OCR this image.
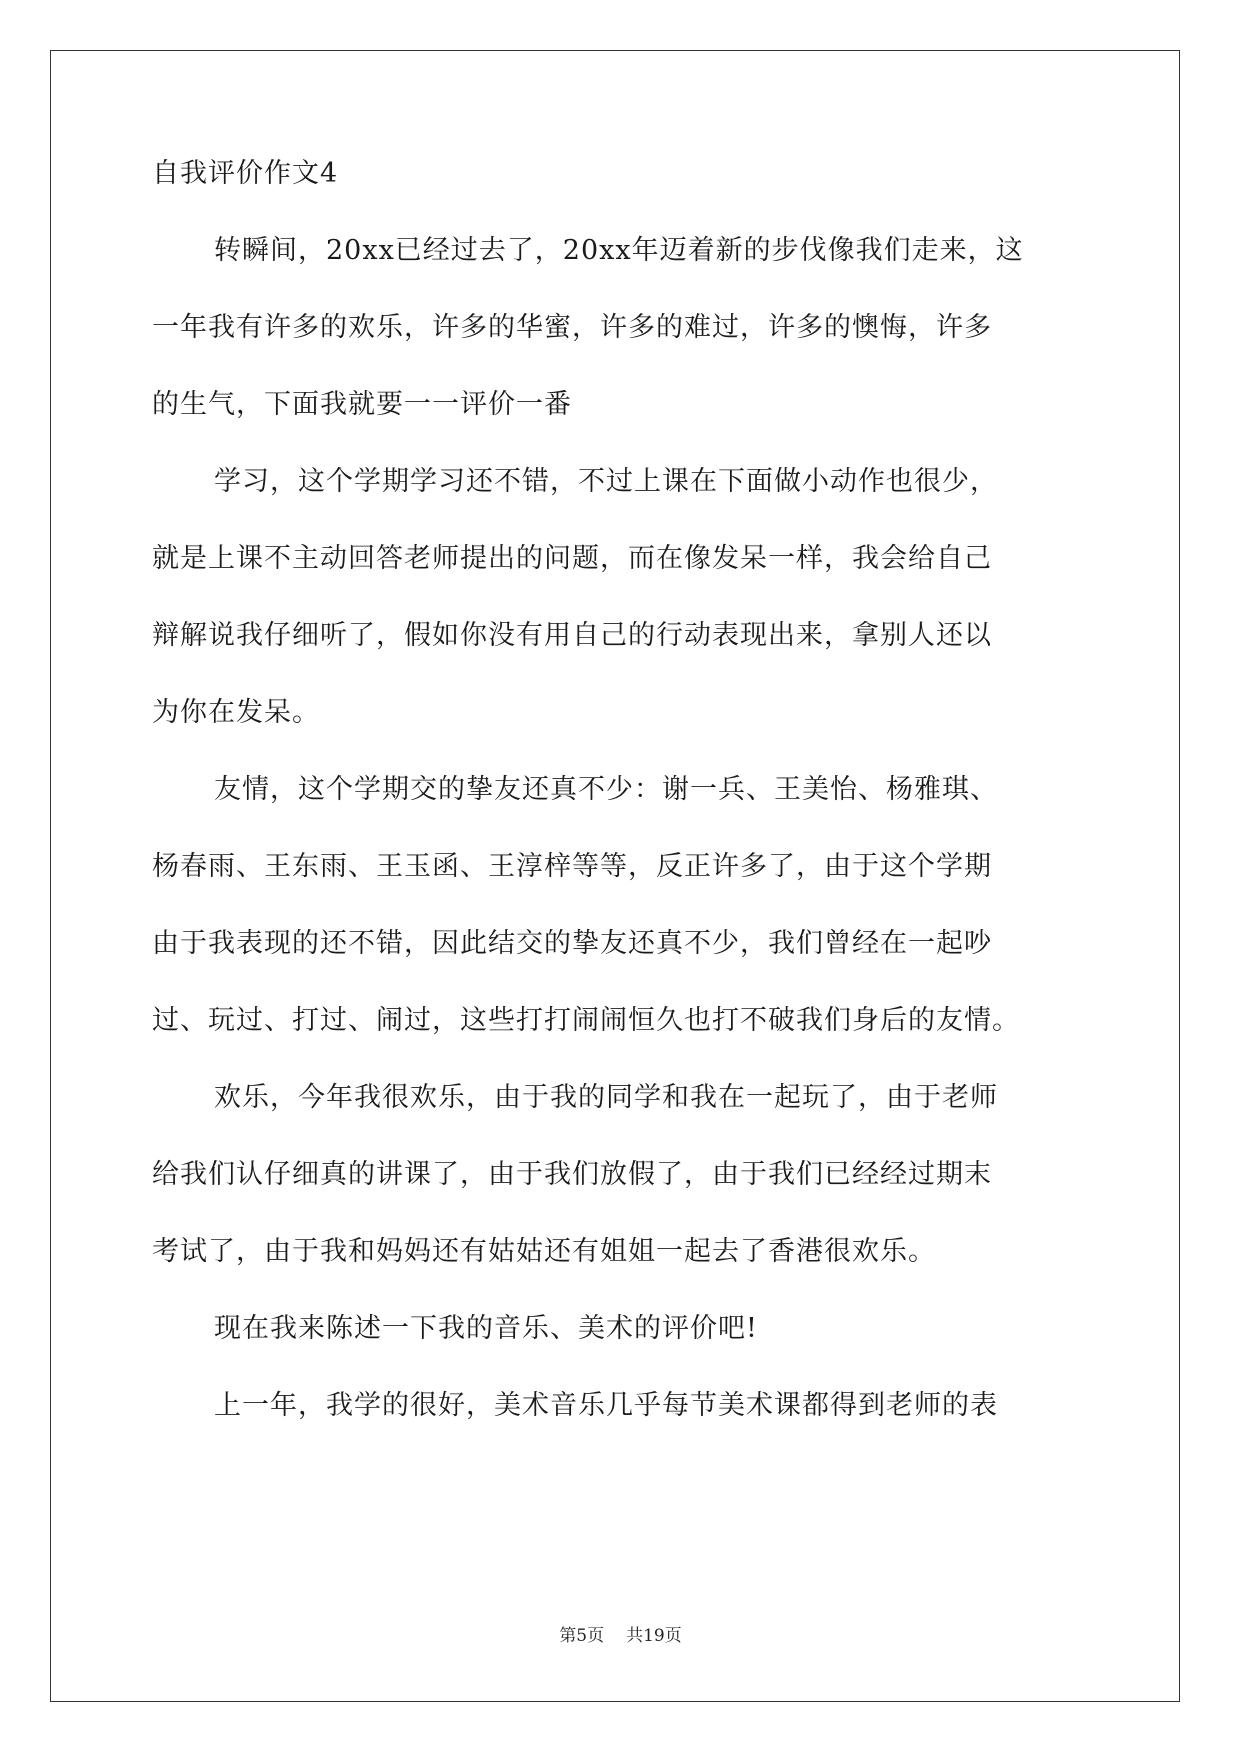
自我评价作文4
转瞬间，20xx已经过去了，20xx年迈着新的步伐像我们走来，这
一年我有许多的欢乐，许多的华蜜，许多的难过，许多的懊悔，许多
的生气，下面我就要一一评价一番
学习，这个学期学习还不错，不过上课在下面做小动作也很少，
就是上课不主动回答老师提出的问题，而在像发呆一样，我会给自己
辩解说我仔细听了，假如你没有用自己的行动表现出来，拿别人还以
为你在发呆。
友情，这个学期交的挚友还真不少：谢一兵、王美怡、杨雅琪、
杨春雨、王东雨、王玉函、王淳梓等等，反正许多了，由于这个学期
由于我表现的还不错，因此结交的挚友还真不少，我们曾经在一起吵
过、玩过、打过、闹过，这些打打闹闹恒久也打不破我们身后的友情。
欢乐，今年我很欢乐，由于我的同学和我在一起玩了，由于老师
给我们认仔细真的讲课了，由于我们放假了，由于我们已经经过期末
考试了，由于我和妈妈还有姑姑还有姐姐一起去了香港很欢乐。
现在我来陈述一下我的音乐、美术的评价吧!
上一年，我学的很好，美术音乐几乎每节美术课都得到老师的表
第5页 共19页
